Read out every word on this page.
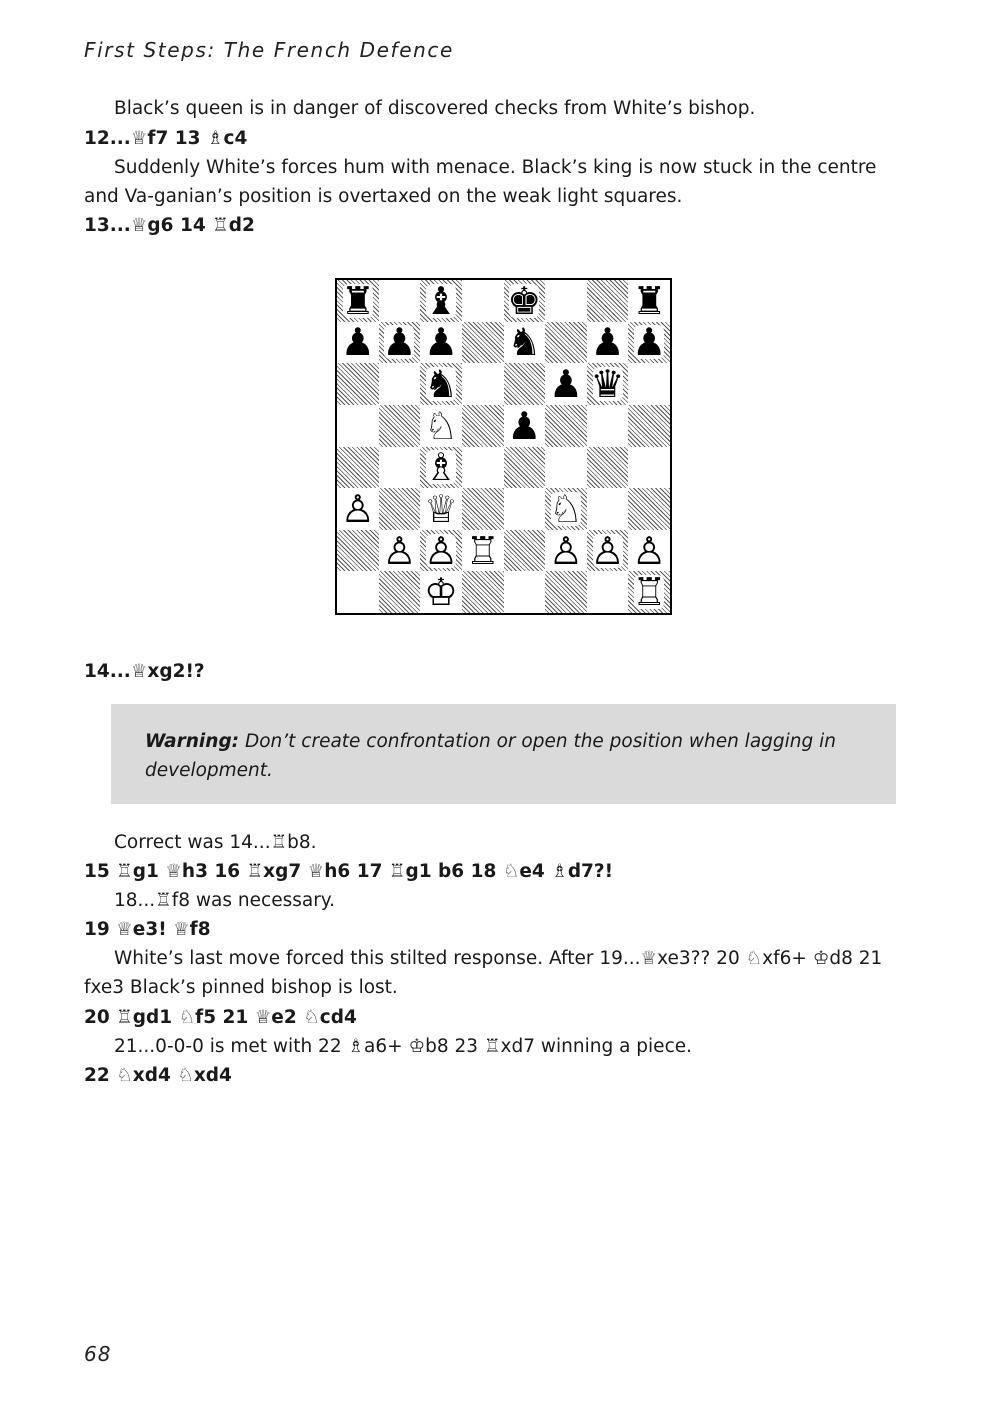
First Steps: The French Defence
Black’s queen is in danger of discovered checks from White’s bishop.
12...♕f7 13 ♗c4
Suddenly White’s forces hum with menace. Black’s king is now stuck in the centre and Va-ganian’s position is overtaxed on the weak light squares.
13...♕g6 14 ♖d2
♜ ♝ ♚ ♜
♟ ♟ ♟ ♞ ♟ ♟
♞ ♟ ♛
♘ ♟
♗
♙ ♕ ♘
♙ ♙ ♖ ♙ ♙ ♙
♔	♖
14...♕xg2!?
Warning: Don’t create confrontation or open the position when lagging in development.
Correct was 14...♖b8.
15 ♖g1 ♕h3 16 ♖xg7 ♕h6 17 ♖g1 b6 18 ♘e4 ♗d7?!
18...♖f8 was necessary.
19 ♕e3! ♕f8
White’s last move forced this stilted response. After 19...♕xe3?? 20 ♘xf6+ ♔d8 21 fxe3 Black’s pinned bishop is lost.
20 ♖gd1 ♘f5 21 ♕e2 ♘cd4
21...0-0-0 is met with 22 ♗a6+ ♔b8 23 ♖xd7 winning a piece.
22 ♘xd4 ♘xd4
68
